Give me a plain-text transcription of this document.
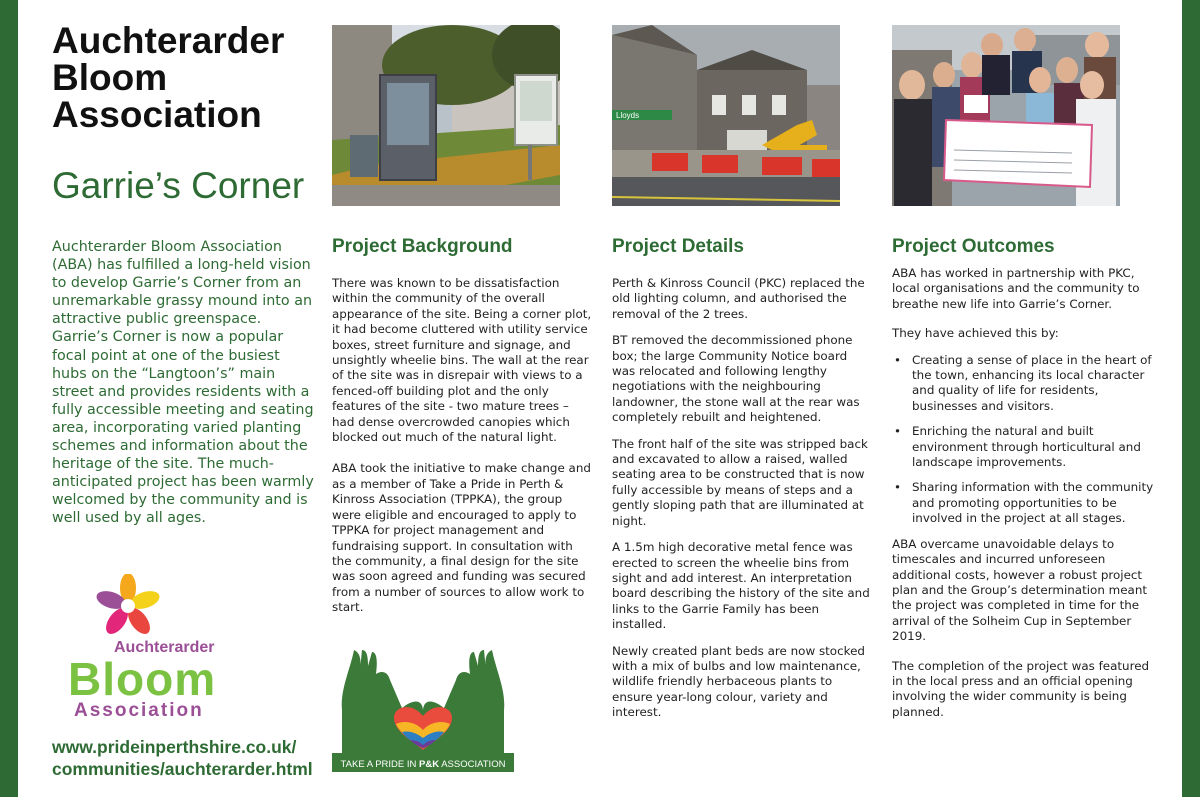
Auchterarder
Bloom
Association
Garrie’s Corner
Auchterarder Bloom Association (ABA) has fulfilled a long-held vision to develop Garrie’s Corner from an unremarkable grassy mound into an attractive public greenspace. Garrie’s Corner is now a popular focal point at one of the busiest hubs on the “Langtoon’s” main street and provides residents with a fully accessible meeting and seating area, incorporating varied planting schemes and information about the heritage of the site. The much-anticipated project has been warmly welcomed by the community and is well used by all ages.
Auchterarder
Bloom
Association
www.prideinperthshire.co.uk/
communities/auchterarder.html
Lloyds
Project Background

There was known to be dissatisfaction within the community of the overall appearance of the site. Being a corner plot, it had become cluttered with utility service boxes, street furniture and signage, and unsightly wheelie bins. The wall at the rear of the site was in disrepair with views to a fenced-off building plot and the only features of the site - two mature trees – had dense overcrowded canopies which blocked out much of the natural light.

ABA took the initiative to make change and as a member of Take a Pride in Perth & Kinross Association (TPPKA), the group were eligible and encouraged to apply to TPPKA for project management and fundraising support. In consultation with the community, a final design for the site was soon agreed and funding was secured from a number of sources to allow work to start.

TAKE A PRIDE IN P&K ASSOCIATION
Project Details

Perth & Kinross Council (PKC) replaced the old lighting column, and authorised the removal of the 2 trees.

BT removed the decommissioned phone box; the large Community Notice board was relocated and following lengthy negotiations with the neighbouring landowner, the stone wall at the rear was completely rebuilt and heightened.

The front half of the site was stripped back and excavated to allow a raised, walled seating area to be constructed that is now fully accessible by means of steps and a gently sloping path that are illuminated at night.

A 1.5m high decorative metal fence was erected to screen the wheelie bins from sight and add interest. An interpretation board describing the history of the site and links to the Garrie Family has been installed.

Newly created plant beds are now stocked with a mix of bulbs and low maintenance, wildlife friendly herbaceous plants to ensure year-long colour, variety and interest.

Project Outcomes

ABA has worked in partnership with PKC, local organisations and the community to breathe new life into Garrie’s Corner.

They have achieved this by:

• Creating a sense of place in the heart of the town, enhancing its local character and quality of life for residents, businesses and visitors.
• Enriching the natural and built environment through horticultural and landscape improvements.
• Sharing information with the community and promoting opportunities to be involved in the project at all stages.

ABA overcame unavoidable delays to timescales and incurred unforeseen additional costs, however a robust project plan and the Group’s determination meant the project was completed in time for the arrival of the Solheim Cup in September 2019.

The completion of the project was featured in the local press and an official opening involving the wider community is being planned.
